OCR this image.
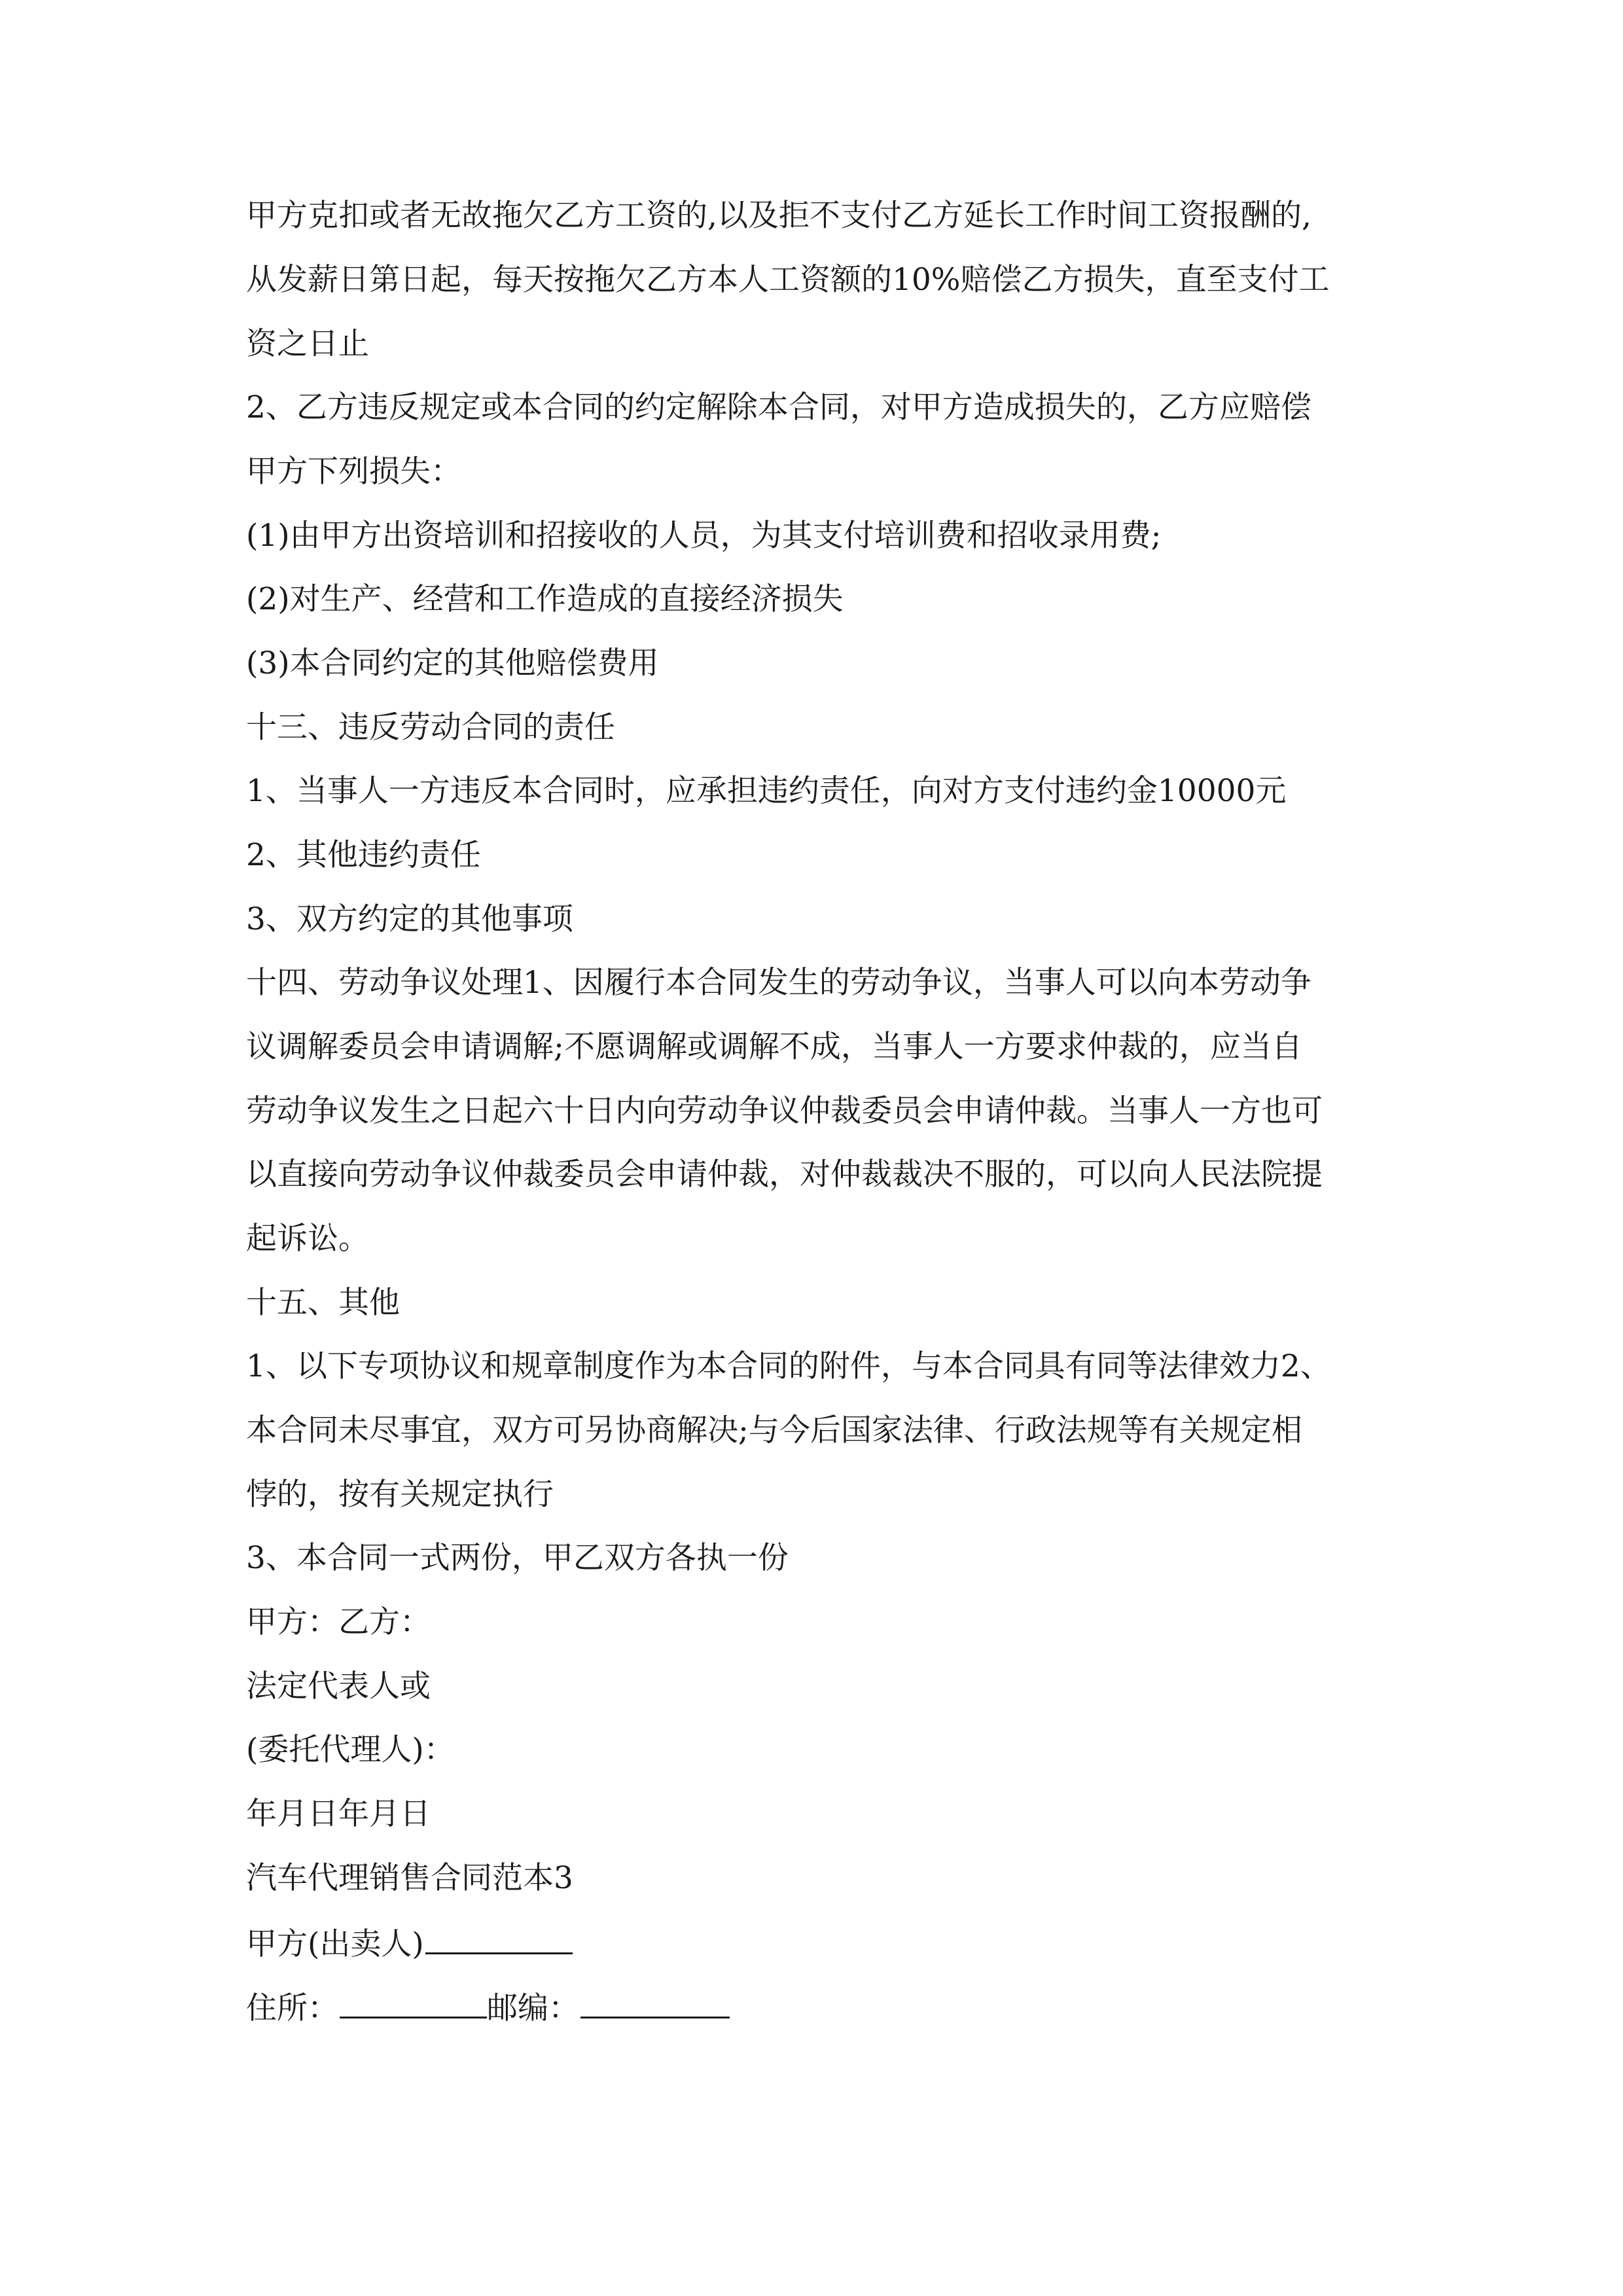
甲方克扣或者无故拖欠乙方工资的,以及拒不支付乙方延长工作时间工资报酬的,
从发薪日第日起，每天按拖欠乙方本人工资额的10%赔偿乙方损失，直至支付工
资之日止
2、乙方违反规定或本合同的约定解除本合同，对甲方造成损失的，乙方应赔偿
甲方下列损失：
(1)由甲方出资培训和招接收的人员，为其支付培训费和招收录用费;
(2)对生产、经营和工作造成的直接经济损失
(3)本合同约定的其他赔偿费用
十三、违反劳动合同的责任
1、当事人一方违反本合同时，应承担违约责任，向对方支付违约金10000元
2、其他违约责任
3、双方约定的其他事项
十四、劳动争议处理1、因履行本合同发生的劳动争议，当事人可以向本劳动争
议调解委员会申请调解;不愿调解或调解不成，当事人一方要求仲裁的，应当自
劳动争议发生之日起六十日内向劳动争议仲裁委员会申请仲裁。当事人一方也可
以直接向劳动争议仲裁委员会申请仲裁，对仲裁裁决不服的，可以向人民法院提
起诉讼。
十五、其他
1、以下专项协议和规章制度作为本合同的附件，与本合同具有同等法律效力2、
本合同未尽事宜，双方可另协商解决;与今后国家法律、行政法规等有关规定相
悖的，按有关规定执行
3、本合同一式两份，甲乙双方各执一份
甲方：乙方：
法定代表人或
(委托代理人)：
年月日年月日
汽车代理销售合同范本3
甲方(出卖人)
住所：	邮编：
